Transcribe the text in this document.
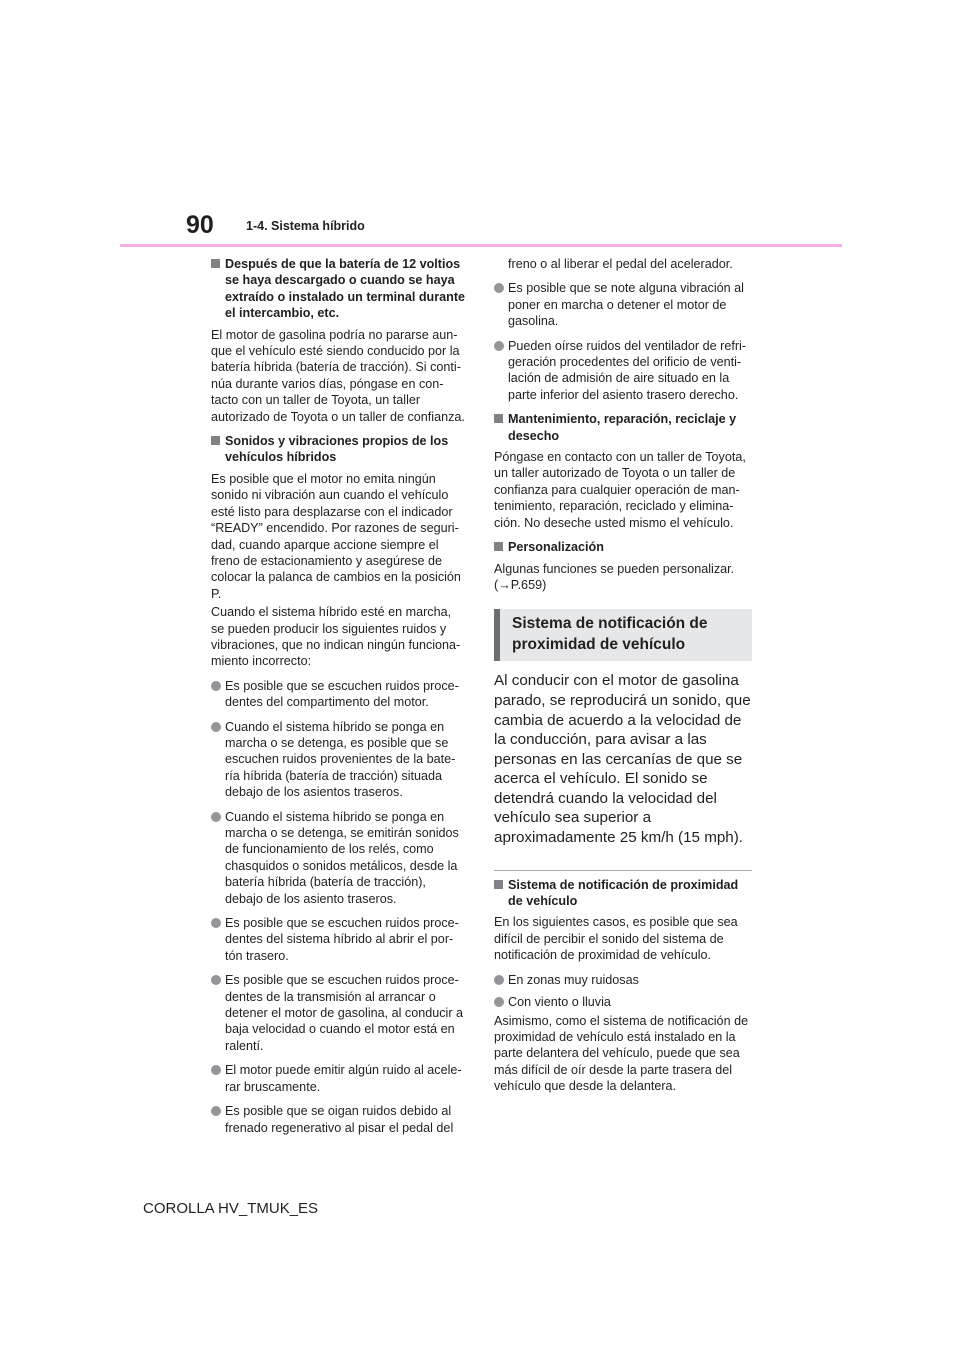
90	1-4. Sistema híbrido
Después de que la batería de 12 voltios se haya descargado o cuando se haya extraído o instalado un terminal durante el intercambio, etc.
El motor de gasolina podría no pararse aun- que el vehículo esté siendo conducido por la batería híbrida (batería de tracción). Si conti- núa durante varios días, póngase en con- tacto con un taller de Toyota, un taller autorizado de Toyota o un taller de confianza.
Sonidos y vibraciones propios de los vehículos híbridos
Es posible que el motor no emita ningún sonido ni vibración aun cuando el vehículo esté listo para desplazarse con el indicador “READY” encendido. Por razones de seguri- dad, cuando aparque accione siempre el freno de estacionamiento y asegúrese de colocar la palanca de cambios en la posición P.
Cuando el sistema híbrido esté en marcha, se pueden producir los siguientes ruidos y vibraciones, que no indican ningún funciona- miento incorrecto:
Es posible que se escuchen ruidos proce- dentes del compartimento del motor.
Cuando el sistema híbrido se ponga en marcha o se detenga, es posible que se escuchen ruidos provenientes de la bate- ría híbrida (batería de tracción) situada debajo de los asientos traseros.
Cuando el sistema híbrido se ponga en marcha o se detenga, se emitirán sonidos de funcionamiento de los relés, como chasquidos o sonidos metálicos, desde la batería híbrida (batería de tracción), debajo de los asiento traseros.
Es posible que se escuchen ruidos proce- dentes del sistema híbrido al abrir el por- tón trasero.
Es posible que se escuchen ruidos proce- dentes de la transmisión al arrancar o detener el motor de gasolina, al conducir a baja velocidad o cuando el motor está en ralentí.
El motor puede emitir algún ruido al acele- rar bruscamente.
Es posible que se oigan ruidos debido al frenado regenerativo al pisar el pedal del
freno o al liberar el pedal del acelerador.
Es posible que se note alguna vibración al poner en marcha o detener el motor de gasolina.
Pueden oírse ruidos del ventilador de refri- geración procedentes del orificio de venti- lación de admisión de aire situado en la parte inferior del asiento trasero derecho.
Mantenimiento, reparación, reciclaje y desecho
Póngase en contacto con un taller de Toyota, un taller autorizado de Toyota o un taller de confianza para cualquier operación de man- tenimiento, reparación, reciclado y elimina- ción. No deseche usted mismo el vehículo.
Personalización
Algunas funciones se pueden personalizar. (→P.659)
Sistema de notificación de
proximidad de vehículo
Al conducir con el motor de gasolina parado, se reproducirá un sonido, que cambia de acuerdo a la velocidad de la conducción, para avisar a las personas en las cercanías de que se acerca el vehículo. El sonido se detendrá cuando la velocidad del vehículo sea superior a aproximadamente 25 km/h (15 mph).
Sistema de notificación de proximidad de vehículo
En los siguientes casos, es posible que sea difícil de percibir el sonido del sistema de notificación de proximidad de vehículo.
En zonas muy ruidosas
Con viento o lluvia
Asimismo, como el sistema de notificación de proximidad de vehículo está instalado en la parte delantera del vehículo, puede que sea más difícil de oír desde la parte trasera del vehículo que desde la delantera.
COROLLA HV_TMUK_ES
